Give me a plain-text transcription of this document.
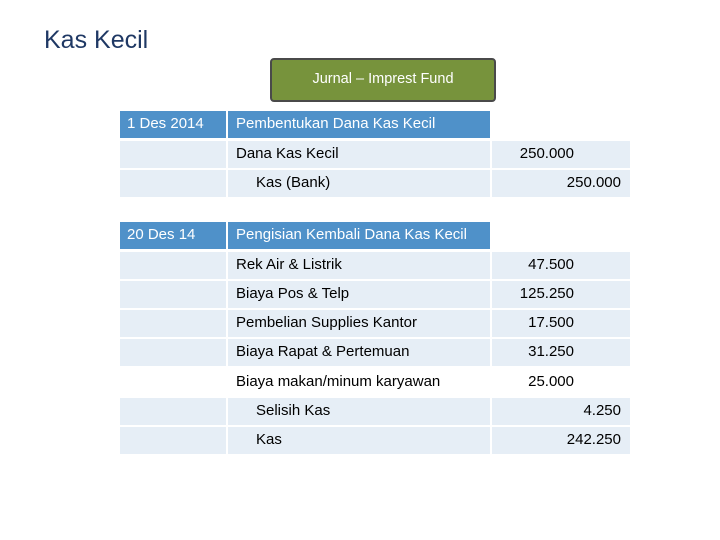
Kas Kecil
Jurnal – Imprest Fund
1 Des 2014 Pembentukan Dana Kas Kecil
Dana Kas Kecil	250.000
Kas (Bank)	250.000
20 Des 14	Pengisian Kembali Dana Kas Kecil
Rek Air & Listrik	47.500
Biaya Pos & Telp	125.250
Pembelian Supplies Kantor	17.500
Biaya Rapat & Pertemuan	31.250
Biaya makan/minum karyawan	25.000
Selisih Kas	4.250
Kas	242.250
